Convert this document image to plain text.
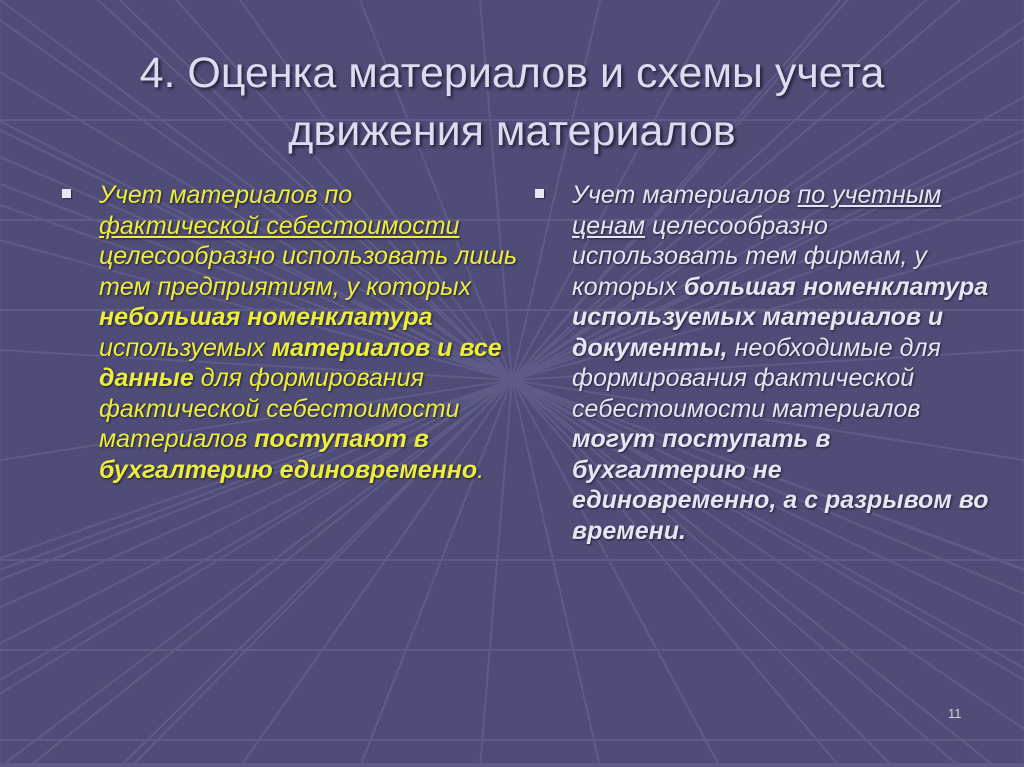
4. Оценка материалов и схемы учета
движения материалов
Учет материалов по фактической себестоимости целесообразно использовать лишь тем предприятиям, у которых небольшая номенклатура используемых материалов и все данные для формирования фактической себестоимости материалов поступают в бухгалтерию единовременно.
Учет материалов по учетным ценам целесообразно использовать тем фирмам, у которых большая номенклатура используемых материалов и документы, необходимые для формирования фактической себестоимости материалов могут поступать в бухгалтерию не единовременно, а с разрывом во времени.
11
